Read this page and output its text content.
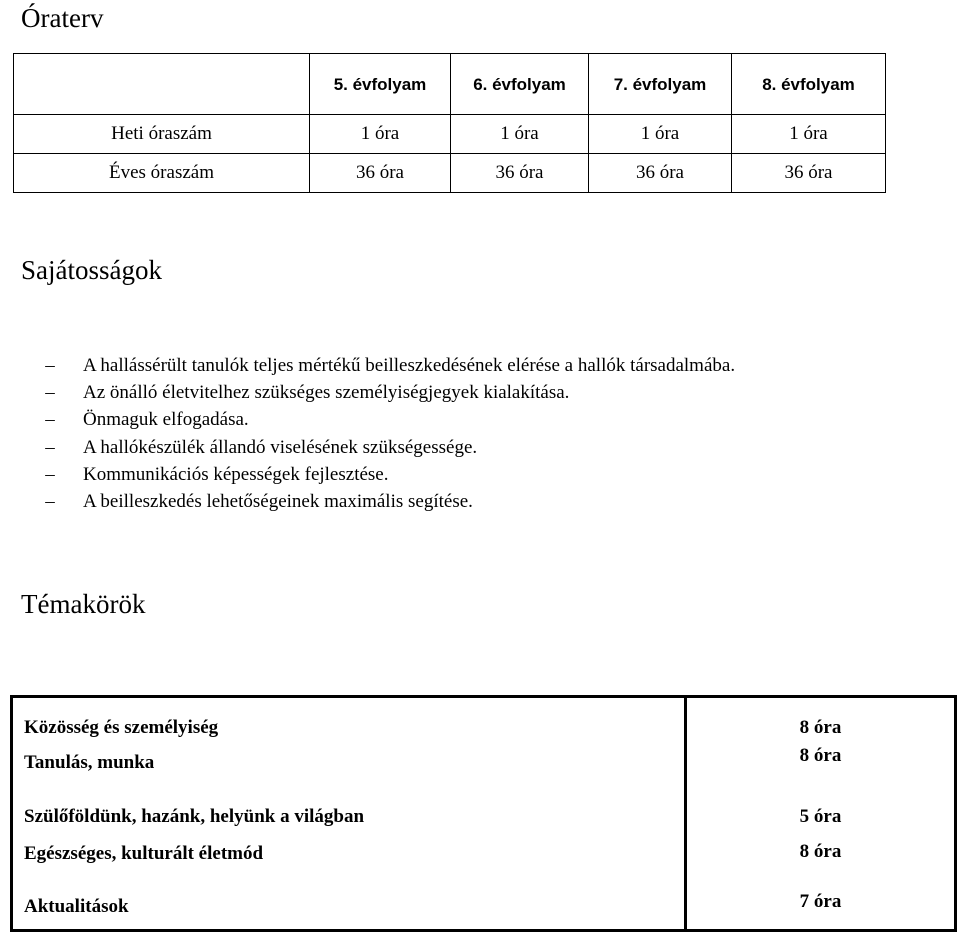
Óraterv
	5. évfolyam	6. évfolyam	7. évfolyam	8. évfolyam
Heti óraszám	1 óra	1 óra	1 óra	1 óra
Éves óraszám	36 óra	36 óra	36 óra	36 óra
Sajátosságok
– A hallássérült tanulók teljes mértékű beilleszkedésének elérése a hallók társadalmába.
– Az önálló életvitelhez szükséges személyiségjegyek kialakítása.
– Önmaguk elfogadása.
– A hallókészülék állandó viselésének szükségessége.
– Kommunikációs képességek fejlesztése.
– A beilleszkedés lehetőségeinek maximális segítése.
Témakörök
Közösség és személyiség	8 óra
Tanulás, munka	8 óra
Szülőföldünk, hazánk, helyünk a világban	5 óra
Egészséges, kulturált életmód	8 óra
Aktualitások	7 óra
